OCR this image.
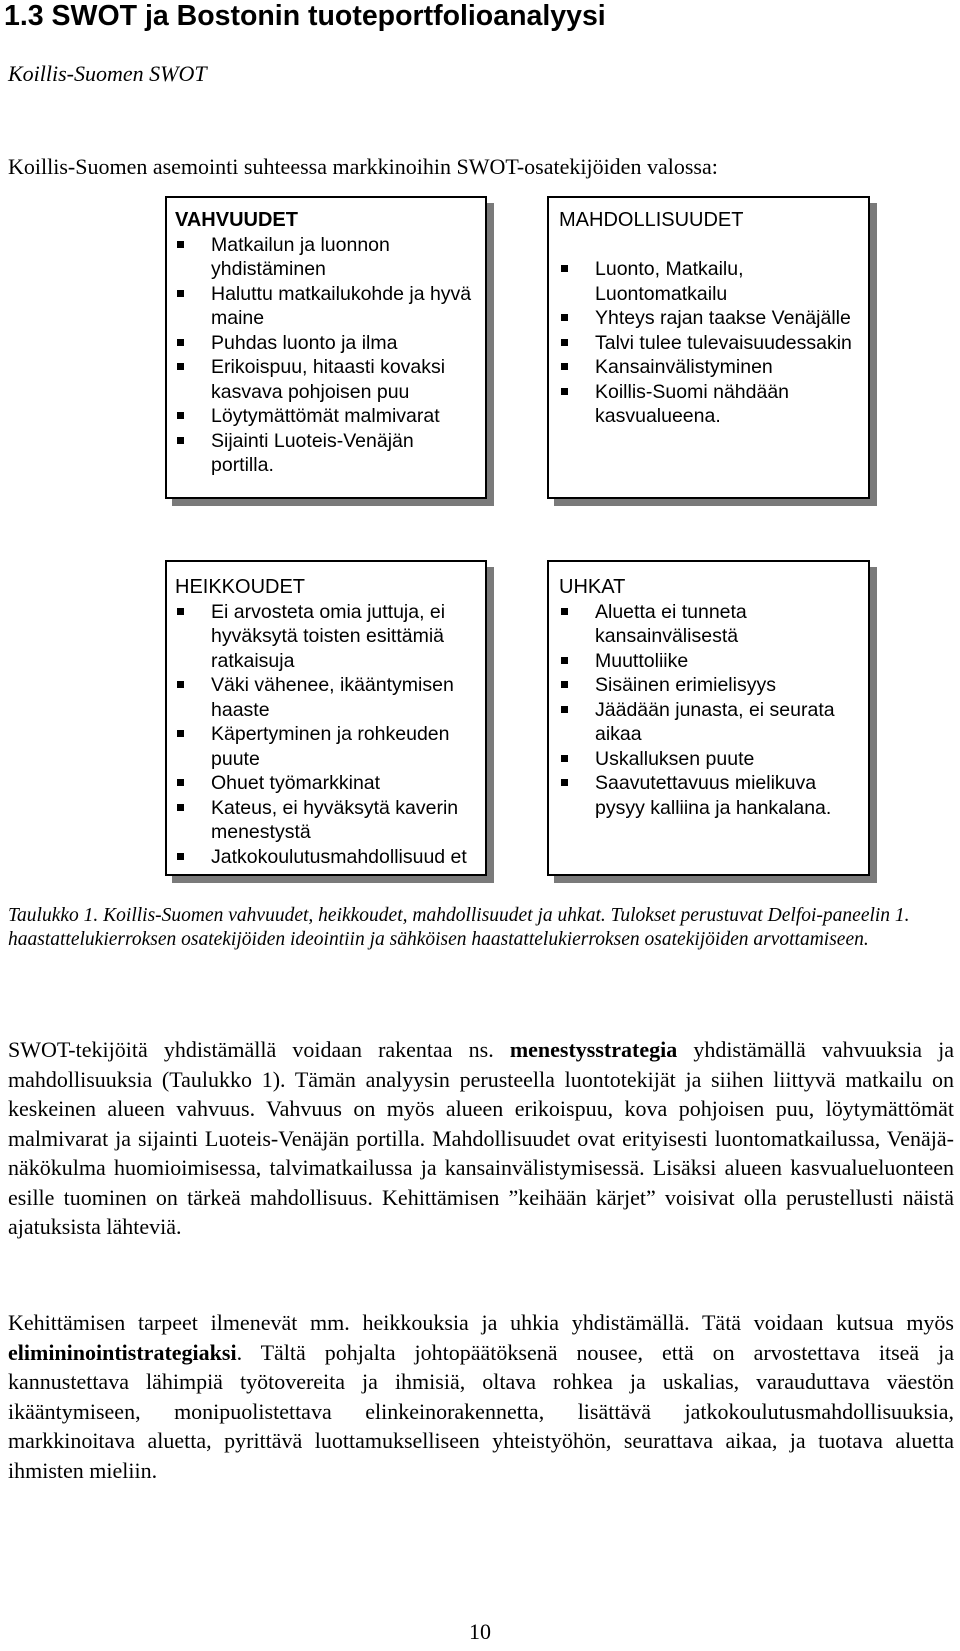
1.3 SWOT ja Bostonin tuoteportfolioanalyysi
Koillis-Suomen SWOT
Koillis-Suomen asemointi suhteessa markkinoihin SWOT-osatekijöiden valossa:
VAHVUUDET
Matkailun ja luonnon yhdistäminen
Haluttu matkailukohde ja hyvä maine
Puhdas luonto ja ilma
Erikoispuu, hitaasti kovaksi kasvava pohjoisen puu
Löytymättömät malmivarat
Sijainti Luoteis-Venäjän portilla.
MAHDOLLISUUDET
Luonto, Matkailu, Luontomatkailu
Yhteys rajan taakse Venäjälle
Talvi tulee tulevaisuudessakin
Kansainvälistyminen
Koillis-Suomi nähdään kasvualueena.
HEIKKOUDET
Ei arvosteta omia juttuja, ei hyväksytä toisten esittämiä ratkaisuja
Väki vähenee, ikääntymisen haaste
Käpertyminen ja rohkeuden puute
Ohuet työmarkkinat
Kateus, ei hyväksytä kaverin menestystä
Jatkokoulutusmahdollisuud et
UHKAT
Aluetta ei tunneta kansainvälisestä
Muuttoliike
Sisäinen erimielisyys
Jäädään junasta, ei seurata aikaa
Uskalluksen puute
Saavutettavuus mielikuva pysyy kalliina ja hankalana.
Taulukko 1. Koillis-Suomen vahvuudet, heikkoudet, mahdollisuudet ja uhkat. Tulokset perustuvat Delfoi-paneelin 1. haastattelukierroksen osatekijöiden ideointiin ja sähköisen haastattelukierroksen osatekijöiden arvottamiseen.

SWOT-tekijöitä yhdistämällä voidaan rakentaa ns. menestysstrategia yhdistämällä vahvuuksia ja mahdollisuuksia (Taulukko 1). Tämän analyysin perusteella luontotekijät ja siihen liittyvä matkailu on keskeinen alueen vahvuus. Vahvuus on myös alueen erikoispuu, kova pohjoisen puu, löytymättömät malmivarat ja sijainti Luoteis-Venäjän portilla. Mahdollisuudet ovat erityisesti luontomatkailussa, Venäjä-näkökulma huomioimisessa, talvimatkailussa ja kansainvälistymisessä. Lisäksi alueen kasvualueluonteen esille tuominen on tärkeä mahdollisuus. Kehittämisen ”keihään kärjet” voisivat olla perustellusti näistä ajatuksista lähteviä.

Kehittämisen tarpeet ilmenevät mm. heikkouksia ja uhkia yhdistämällä. Tätä voidaan kutsua myös elimininointistrategiaksi. Tältä pohjalta johtopäätöksenä nousee, että on arvostettava itseä ja kannustettava lähimpiä työtovereita ja ihmisiä, oltava rohkea ja uskalias, varauduttava väestön ikääntymiseen, monipuolistettava elinkeinorakennetta, lisättävä jatkokoulutusmahdollisuuksia, markkinoitava aluetta, pyrittävä luottamukselliseen yhteistyöhön, seurattava aikaa, ja tuotava aluetta ihmisten mieliin.

10
